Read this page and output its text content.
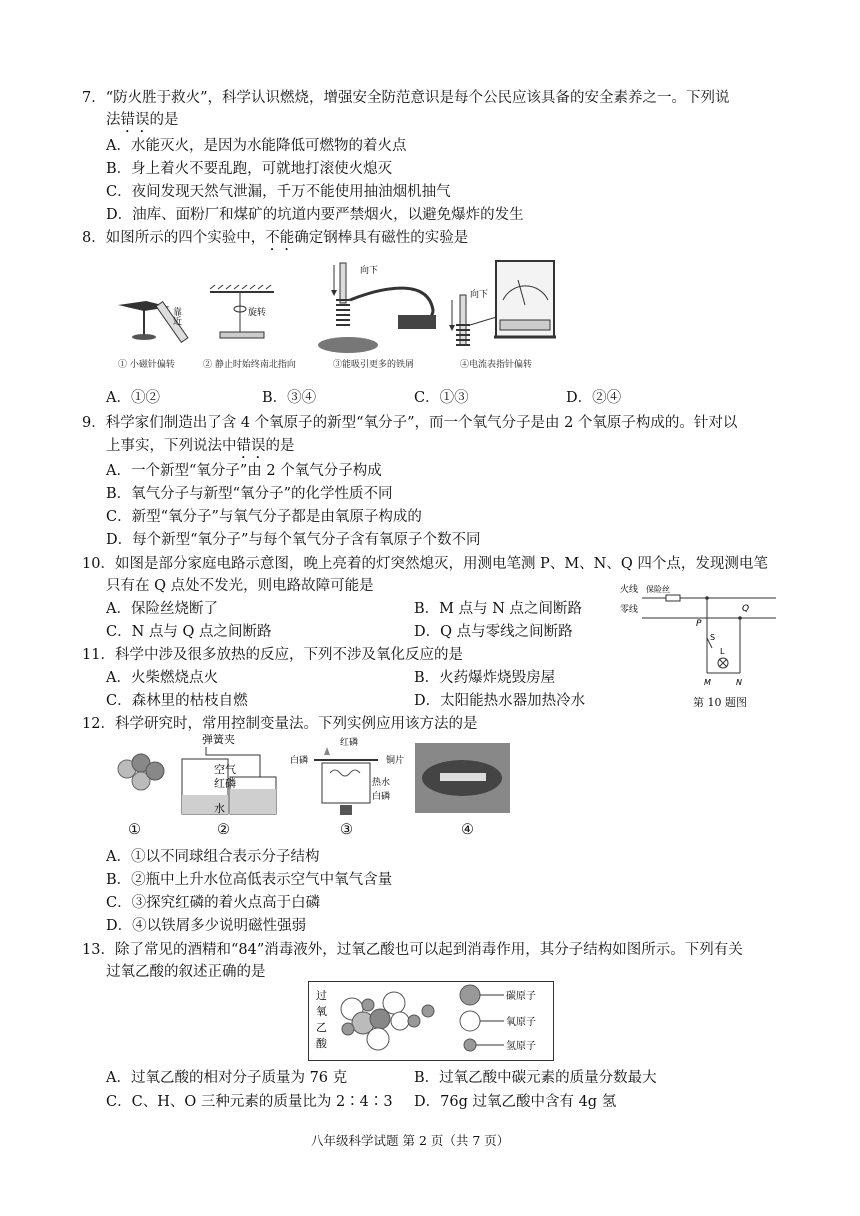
7．“防火胜于救火”，科学认识燃烧，增强安全防范意识是每个公民应该具备的安全素养之一。下列说
法错误的是
A．水能灭火，是因为水能降低可燃物的着火点
B．身上着火不要乱跑，可就地打滚使火熄灭
C．夜间发现天然气泄漏，千万不能使用抽油烟机抽气
D．油库、面粉厂和煤矿的坑道内要严禁烟火，以避免爆炸的发生
8．如图所示的四个实验中，不能确定钢棒具有磁性的实验是
靠近	旋转
向下
向下
① 小磁针偏转	② 静止时始终南北指向	③能吸引更多的铁屑	④电流表指针偏转
A．①②	B．③④	C．①③	D．②④
9．科学家们制造出了含 4 个氧原子的新型“氧分子”，而一个氧气分子是由 2 个氧原子构成的。针对以
上事实，下列说法中错误的是
A．一个新型“氧分子”由 2 个氧气分子构成
B．氧气分子与新型“氧分子”的化学性质不同
C．新型“氧分子”与氧气分子都是由氧原子构成的
D．每个新型“氧分子”与每个氧气分子含有氧原子个数不同
10．如图是部分家庭电路示意图，晚上亮着的灯突然熄灭，用测电笔测 P、M、N、Q 四个点，发现测电笔
只有在 Q 点处不发光，则电路故障可能是
A．保险丝烧断了	B．M 点与 N 点之间断路
C．N 点与 Q 点之间断路	D．Q 点与零线之间断路
火线
零线
保险丝
P
Q
S
L
M	N
11．科学中涉及很多放热的反应，下列不涉及氧化反应的是
A．火柴燃烧点火	B．火药爆炸烧毁房屋
C．森林里的枯枝自燃	D．太阳能热水器加热冷水	第 10 题图
12．科学研究时，常用控制变量法。下列实例应用该方法的是
弹簧夹
空气
红磷
水
红磷
白磷	铜片
热水
白磷
①	②	③	④
A．①以不同球组合表示分子结构
B．②瓶中上升水位高低表示空气中氧气含量
C．③探究红磷的着火点高于白磷
D．④以铁屑多少说明磁性强弱
13．除了常见的酒精和“84”消毒液外，过氧乙酸也可以起到消毒作用，其分子结构如图所示。下列有关
过氧乙酸的叙述正确的是
过
氧
乙
酸
碳原子
氧原子
氢原子
A．过氧乙酸的相对分子质量为 76 克	B．过氧乙酸中碳元素的质量分数最大
C．C、H、O 三种元素的质量比为 2∶4∶3 D．76g 过氧乙酸中含有 4g 氢
八年级科学试题 第 2 页（共 7 页）
